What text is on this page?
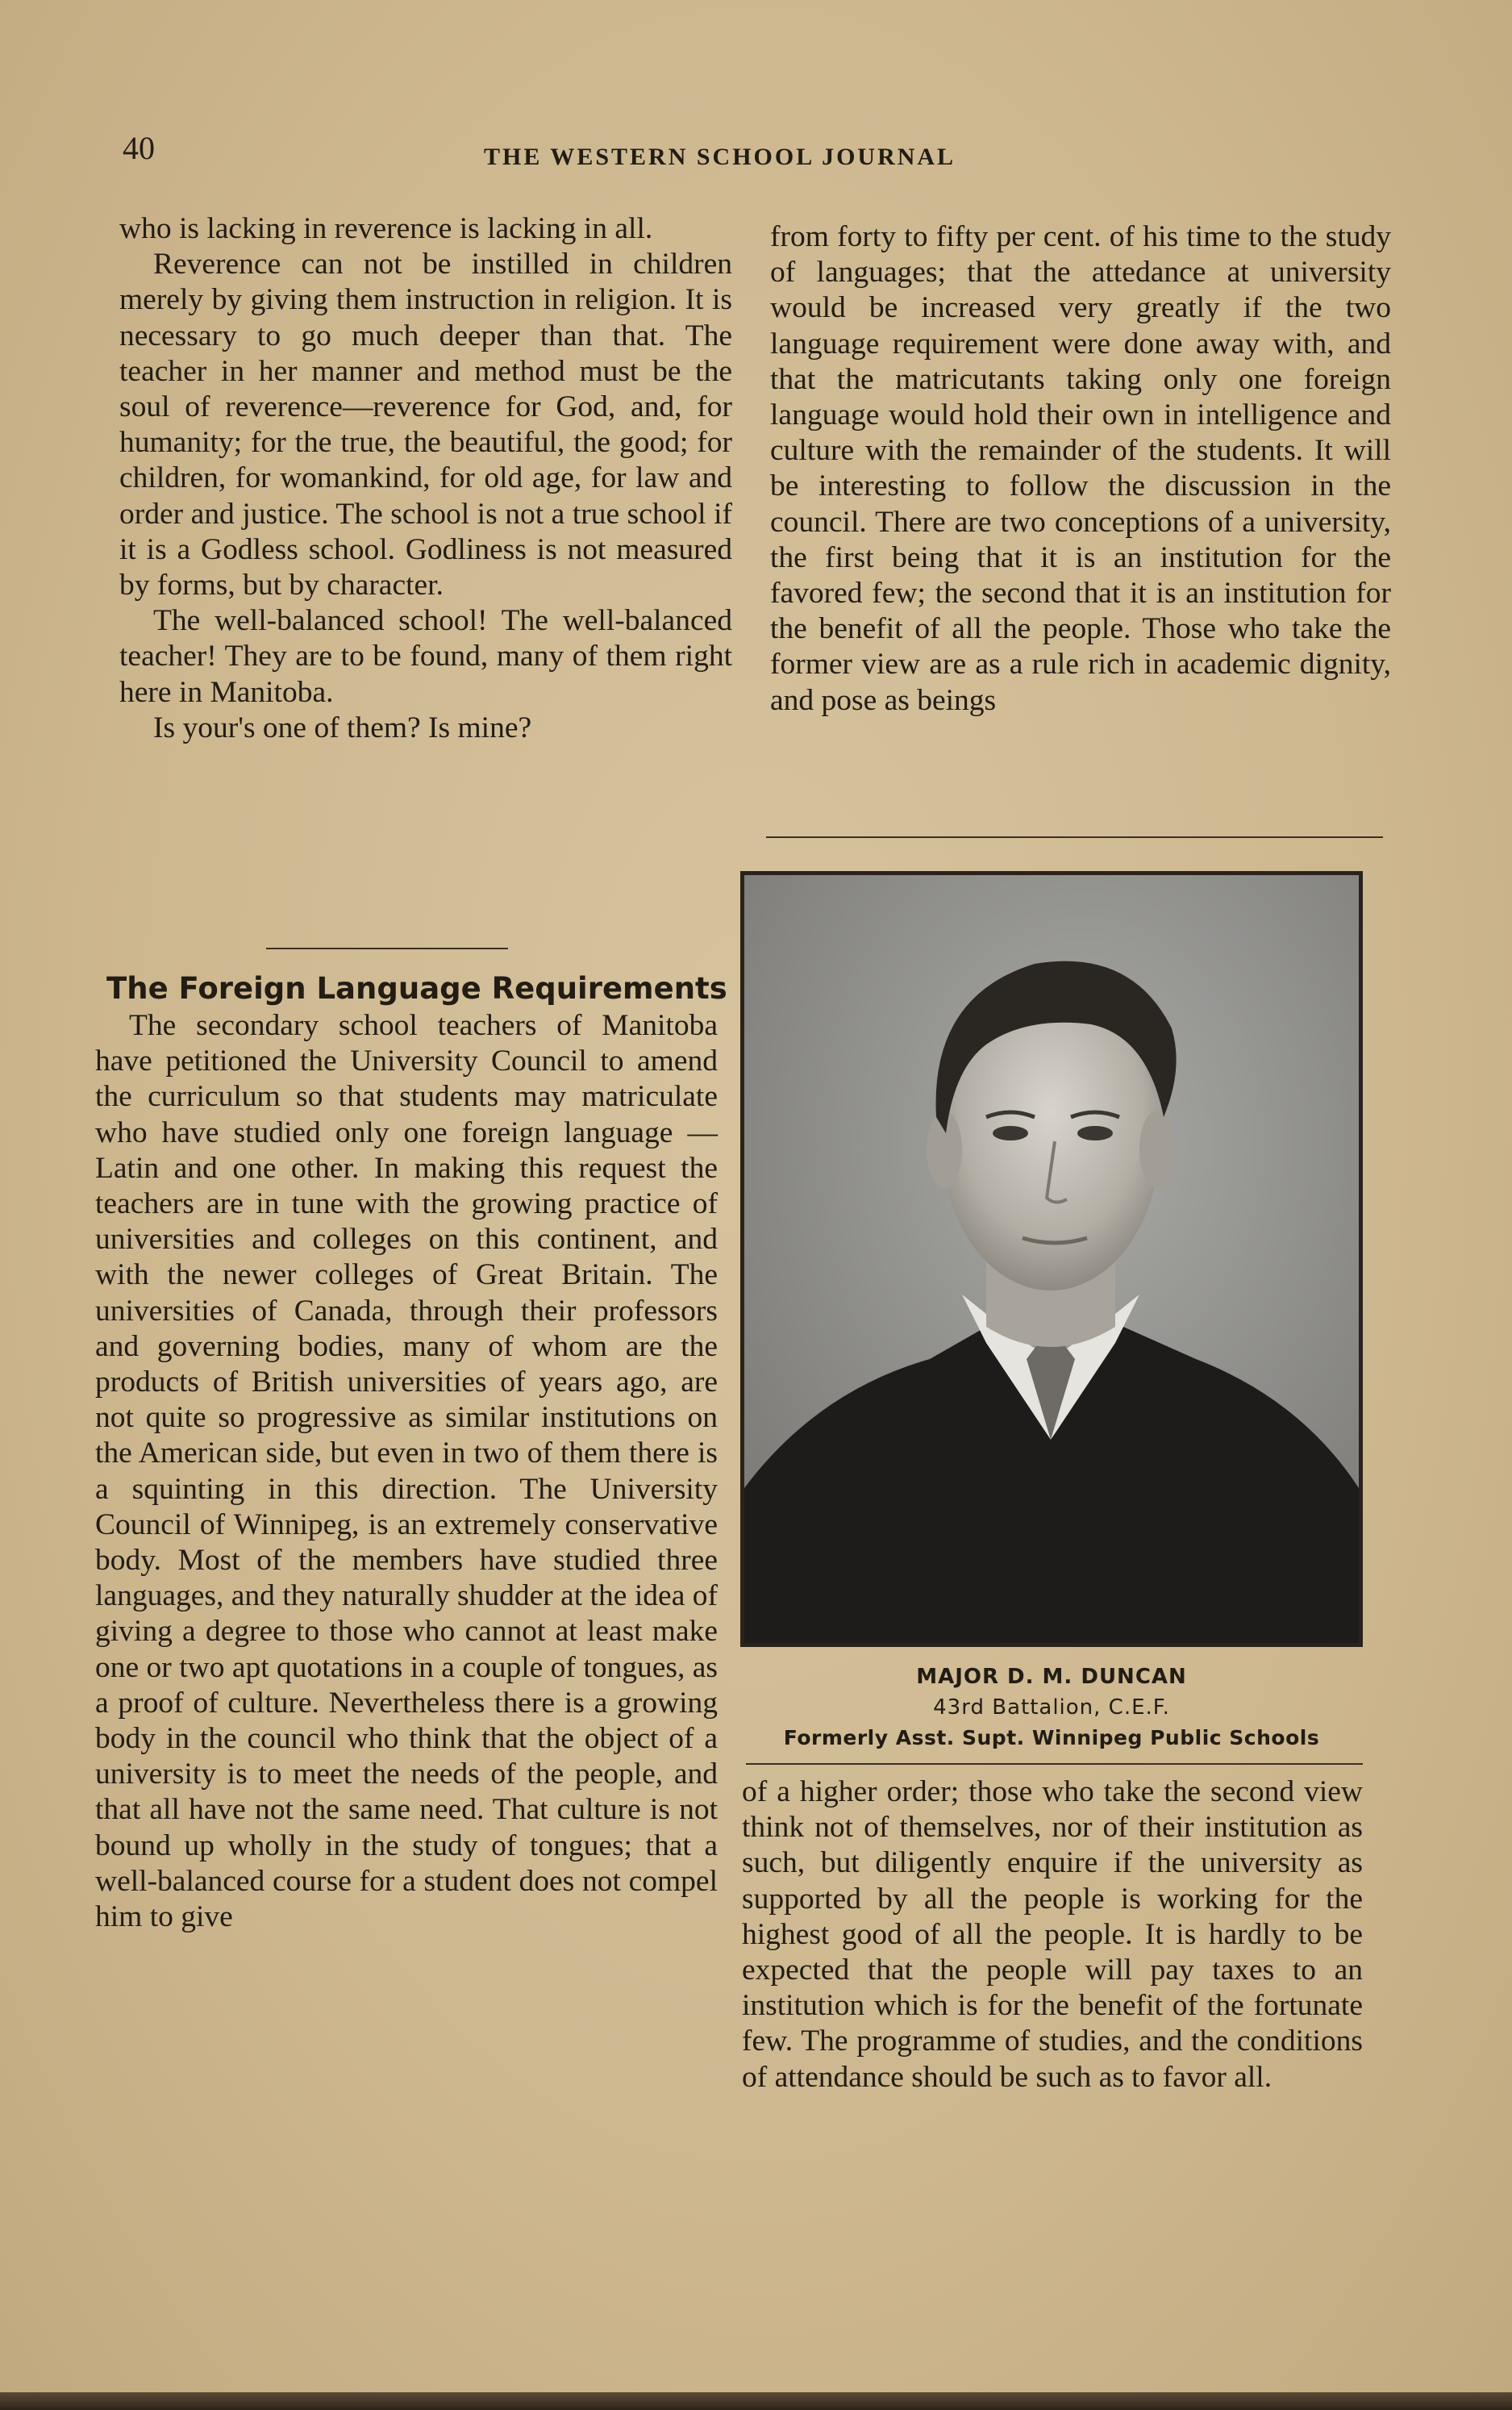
40	THE WESTERN SCHOOL JOURNAL

who is lacking in reverence is lacking in all.

Reverence can not be instilled in children merely by giving them instruction in religion. It is necessary to go much deeper than that. The teacher in her manner and method must be the soul of reverence—reverence for God, and, for humanity; for the true, the beautiful, the good; for children, for womankind, for old age, for law and order and justice. The school is not a true school if it is a Godless school. Godliness is not measured by forms, but by character.

The well-balanced school! The well-balanced teacher! They are to be found, many of them right here in Manitoba.

Is your's one of them? Is mine?

The Foreign Language Requirements

The secondary school teachers of Manitoba have petitioned the University Council to amend the curriculum so that students may matriculate who have studied only one foreign language —Latin and one other. In making this request the teachers are in tune with the growing practice of universities and colleges on this continent, and with the newer colleges of Great Britain. The universities of Canada, through their professors and governing bodies, many of whom are the products of British universities of years ago, are not quite so progressive as similar institutions on the American side, but even in two of them there is a squinting in this direction. The University Council of Winnipeg, is an extremely conservative body. Most of the members have studied three languages, and they naturally shudder at the idea of giving a degree to those who cannot at least make one or two apt quotations in a couple of tongues, as a proof of culture. Nevertheless there is a growing body in the council who think that the object of a university is to meet the needs of the people, and that all have not the same need. That culture is not bound up wholly in the study of tongues; that a well-balanced course for a student does not compel him to give

from forty to fifty per cent. of his time to the study of languages; that the attedance at university would be increased very greatly if the two language requirement were done away with, and that the matricutants taking only one foreign language would hold their own in intelligence and culture with the remainder of the students. It will be interesting to follow the discussion in the council. There are two conceptions of a university, the first being that it is an institution for the favored few; the second that it is an institution for the benefit of all the people. Those who take the former view are as a rule rich in academic dignity, and pose as beings

MAJOR D. M. DUNCAN
43rd Battalion, C.E.F.
Formerly Asst. Supt. Winnipeg Public Schools

of a higher order; those who take the second view think not of themselves, nor of their institution as such, but diligently enquire if the university as supported by all the people is working for the highest good of all the people. It is hardly to be expected that the people will pay taxes to an institution which is for the benefit of the fortunate few. The programme of studies, and the conditions of attendance should be such as to favor all.
